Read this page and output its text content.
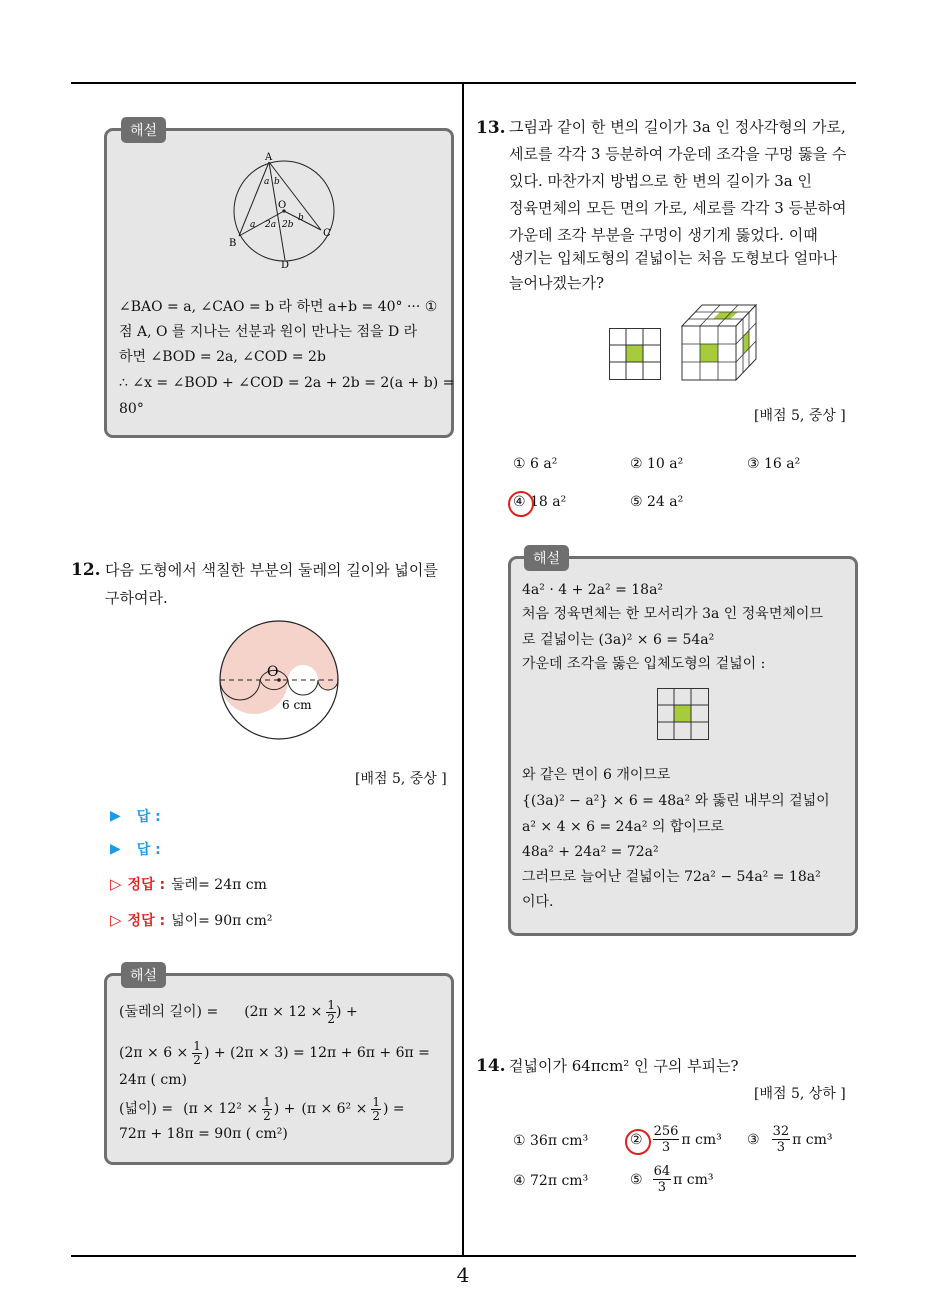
해설
A
B
C
D
O
a b
a 2a 2b
b
∠BAO = a, ∠CAO = b 라 하면 a+b = 40° ··· ①
점 A, O 를 지나는 선분과 원이 만나는 점을 D 라
하면 ∠BOD = 2a, ∠COD = 2b
∴ ∠x = ∠BOD + ∠COD = 2a + 2b = 2(a + b) =
80°
12. 다음 도형에서 색칠한 부분의 둘레의 길이와 넓이를
구하여라.
O
6 cm
[배점 5, 중상 ]
▶ 답 :
▶ 답 :
▷ 정답 : 둘레= 24π cm
▷ 정답 : 넓이= 90π cm²
해설
(둘레의 길이) = ($2\pi \times 12 \times \frac{1}{2}$ ) +
($2\pi \times 6 \times \frac{1}{2}$ ) + (2π × 3) = 12π + 6π + 6π =
24π ( cm)
(넓이) = ($\pi \times 12^2 \times \frac{1}{2}$ ) + ($\pi \times 6^2 \times \frac{1}{2}$ ) =
72π + 18π = 90π ( cm²)
13. 그림과 같이 한 변의 길이가 3a 인 정사각형의 가로,
세로를 각각 3 등분하여 가운데 조각을 구멍 뚫을 수
있다. 마찬가지 방법으로 한 변의 길이가 3a 인
정육면체의 모든 면의 가로, 세로를 각각 3 등분하여
가운데 조각 부분을 구멍이 생기게 뚫었다. 이때
생기는 입체도형의 겉넓이는 처음 도형보다 얼마나
늘어나겠는가?
[배점 5, 중상 ]
① 6 a²	② 10 a²	③ 16 a²
④ 18 a²	⑤ 24 a²
해설
4a² · 4 + 2a² = 18a²
처음 정육면체는 한 모서리가 3a 인 정육면체이므
로 겉넓이는 (3a)² × 6 = 54a²
가운데 조각을 뚫은 입체도형의 겉넓이 :
와 같은 면이 6 개이므로
{(3a)² − a²} × 6 = 48a² 와 뚫린 내부의 겉넓이
a² × 4 × 6 = 24a² 의 합이므로
48a² + 24a² = 72a²
그러므로 늘어난 겉넓이는 72a² − 54a² = 18a²
이다.
14. 겉넓이가 64πcm² 인 구의 부피는?
[배점 5, 상하 ]
① 36π cm³	② $\frac{256}{3}$ π cm³ ③ $\frac{32}{3}$ π cm³
④ 72π cm³	⑤ $\frac{64}{3}$ π cm³
4
